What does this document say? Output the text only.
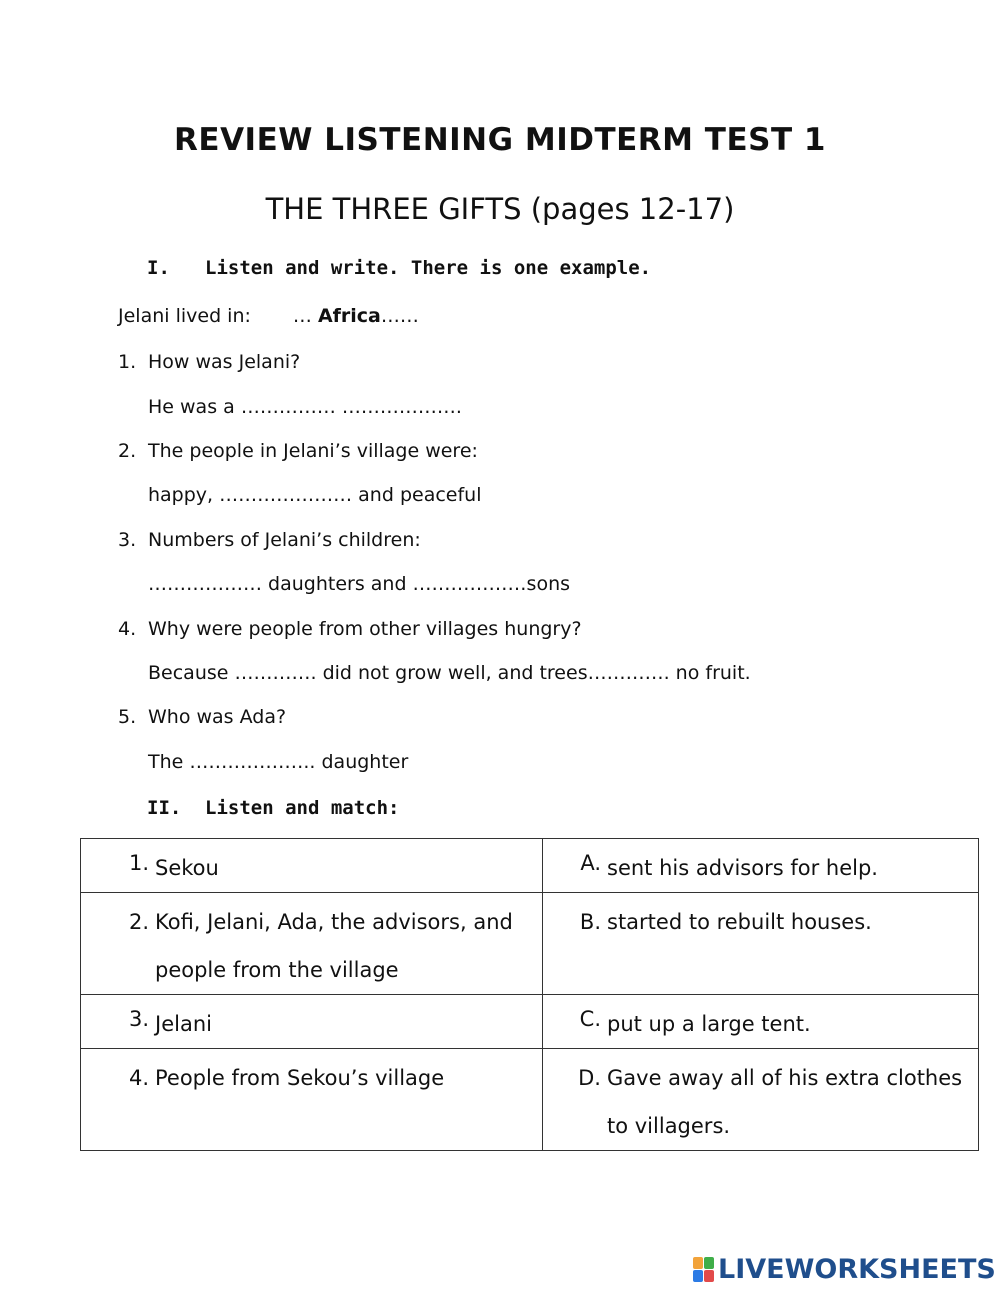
REVIEW LISTENING MIDTERM TEST 1
THE THREE GIFTS (pages 12-17)
I. Listen and write. There is one example.
Jelani lived in: … Africa……
1. How was Jelani?
He was a …………… ……………….
2. The people in Jelani’s village were:
happy, ………………… and peaceful
3. Numbers of Jelani’s children:
……………… daughters and ………………sons
4. Why were people from other villages hungry?
Because …………. did not grow well, and trees…………. no fruit.
5. Who was Ada?
The ……………….. daughter
II. Listen and match:
1. Sekou	A. sent his advisors for help.

2. Kofi, Jelani, Ada, the advisors, and people from the village	B. started to rebuilt houses.

3. Jelani	C. put up a large tent.

4. People from Sekou’s village	D. Gave away all of his extra clothes to villagers.
LIVEWORKSHEETS
